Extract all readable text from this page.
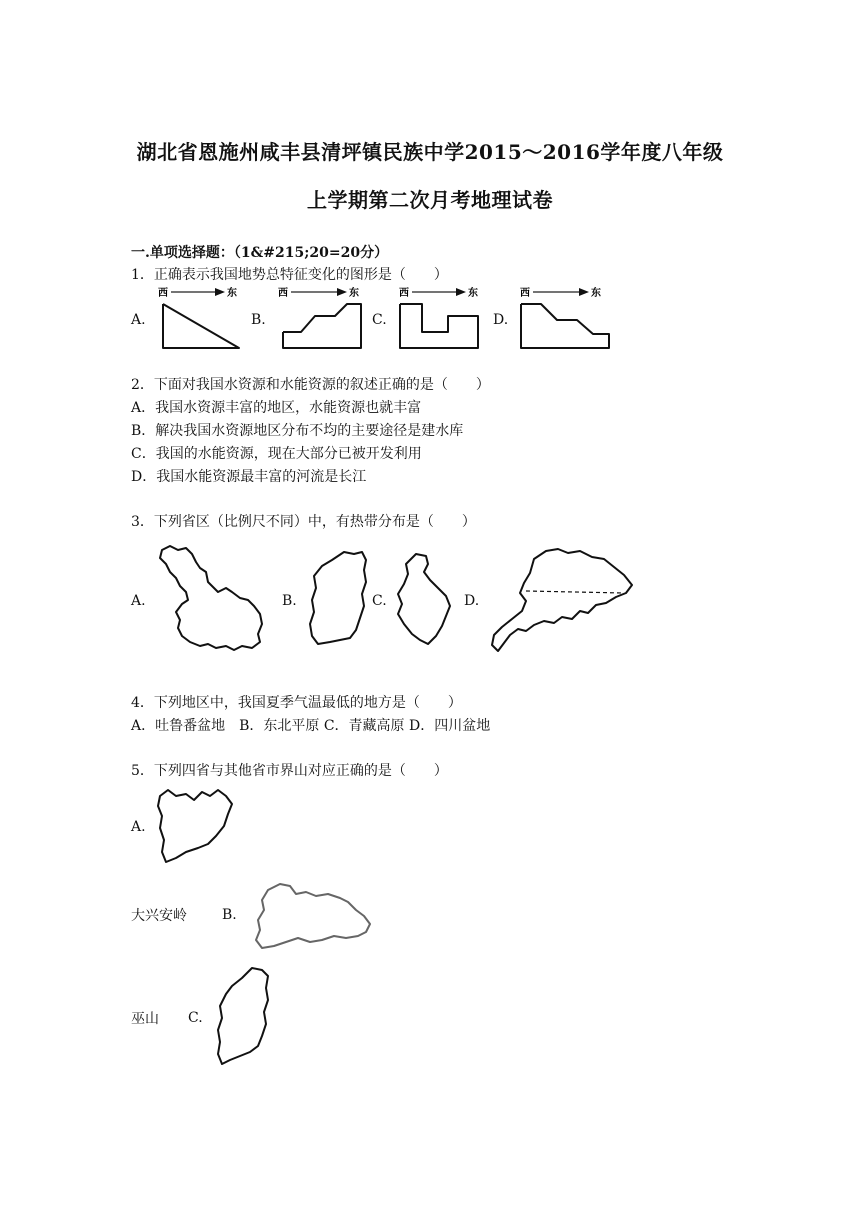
湖北省恩施州咸丰县清坪镇民族中学2015～2016学年度八年级
上学期第二次月考地理试卷
一.单项选择题：（1&#215;20=20分）
1．正确表示我国地势总特征变化的图形是（　　）
A.
西	东
B.
西	东
C.
西	东
D.
西	东
2．下面对我国水资源和水能资源的叙述正确的是（　　）
A．我国水资源丰富的地区，水能资源也就丰富
B．解决我国水资源地区分布不均的主要途径是建水库
C．我国的水能资源，现在大部分已被开发利用
D．我国水能资源最丰富的河流是长江
3．下列省区（比例尺不同）中，有热带分布是（　　）
A.	B.	C.	D.
4．下列地区中，我国夏季气温最低的地方是（　　）
A．吐鲁番盆地　B．东北平原 C．青藏高原 D．四川盆地
5．下列四省与其他省市界山对应正确的是（　　）
A.
大兴安岭	B.
巫山 C.
